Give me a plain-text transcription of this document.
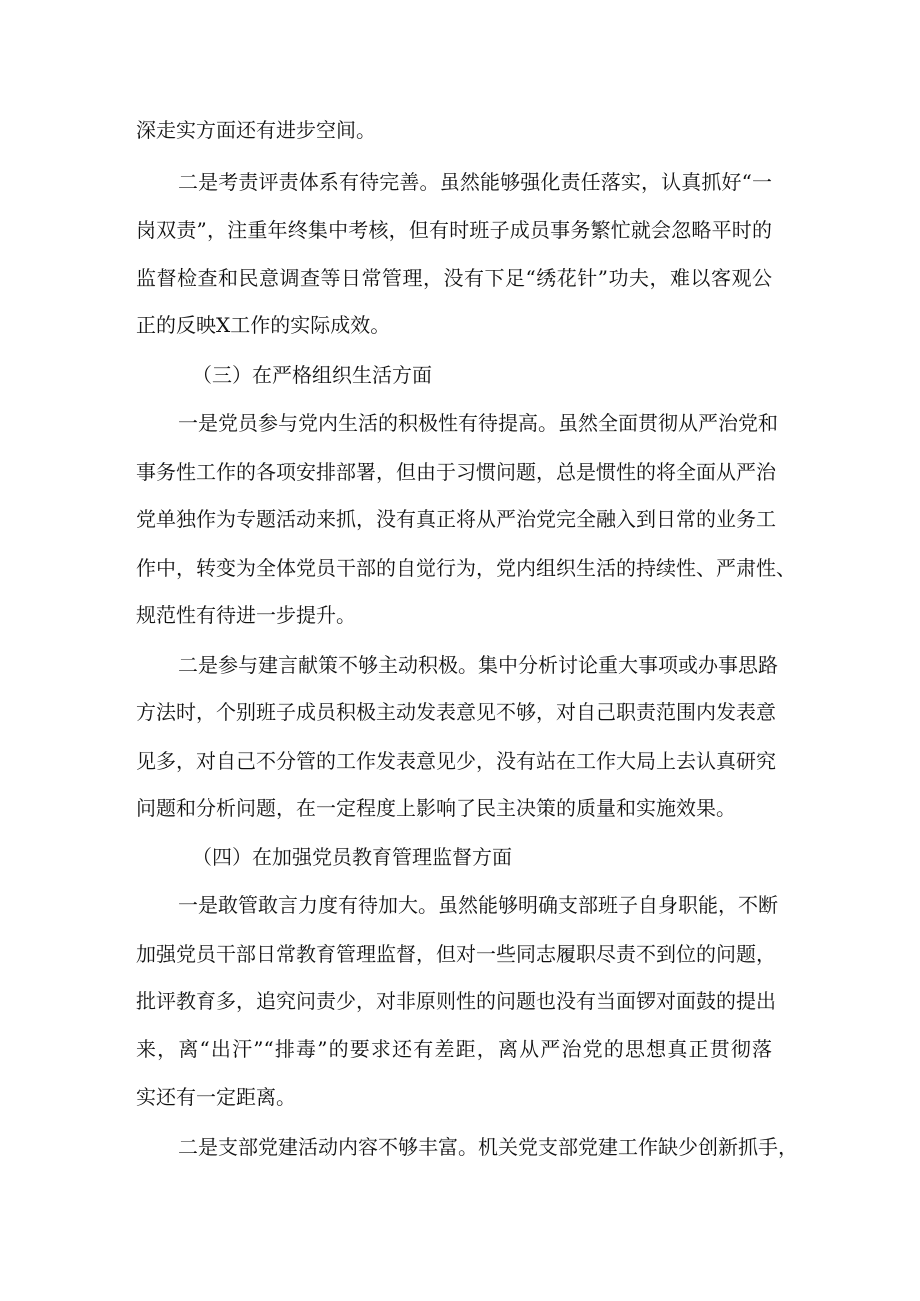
深走实方面还有进步空间。
二是考责评责体系有待完善。虽然能够强化责任落实，认真抓好“一
岗双责”，注重年终集中考核，但有时班子成员事务繁忙就会忽略平时的
监督检查和民意调查等日常管理，没有下足“绣花针”功夫，难以客观公
正的反映X工作的实际成效。
（三）在严格组织生活方面
一是党员参与党内生活的积极性有待提高。虽然全面贯彻从严治党和
事务性工作的各项安排部署，但由于习惯问题，总是惯性的将全面从严治
党单独作为专题活动来抓，没有真正将从严治党完全融入到日常的业务工
作中，转变为全体党员干部的自觉行为，党内组织生活的持续性、严肃性、
规范性有待进一步提升。
二是参与建言献策不够主动积极。集中分析讨论重大事项或办事思路
方法时，个别班子成员积极主动发表意见不够，对自己职责范围内发表意
见多，对自己不分管的工作发表意见少，没有站在工作大局上去认真研究
问题和分析问题，在一定程度上影响了民主决策的质量和实施效果。
（四）在加强党员教育管理监督方面
一是敢管敢言力度有待加大。虽然能够明确支部班子自身职能，不断
加强党员干部日常教育管理监督，但对一些同志履职尽责不到位的问题，
批评教育多，追究问责少，对非原则性的问题也没有当面锣对面鼓的提出
来，离“出汗”“排毒”的要求还有差距，离从严治党的思想真正贯彻落
实还有一定距离。
二是支部党建活动内容不够丰富。机关党支部党建工作缺少创新抓手，
